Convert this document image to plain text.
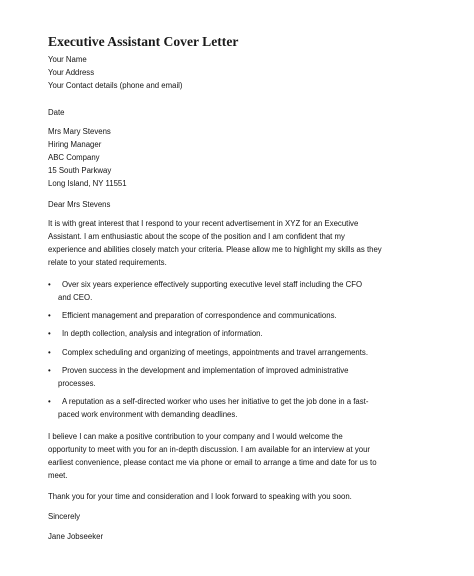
Executive Assistant Cover Letter
Your Name
Your Address
Your Contact details (phone and email)
Date
Mrs Mary Stevens
Hiring Manager
ABC Company
15 South Parkway
Long Island, NY 11551
Dear Mrs Stevens
It is with great interest that I respond to your recent advertisement in XYZ for an Executive
Assistant. I am enthusiastic about the scope of the position and I am confident that my
experience and abilities closely match your criteria. Please allow me to highlight my skills as they
relate to your stated requirements.
• Over six years experience effectively supporting executive level staff including the CFO
and CEO.
• Efficient management and preparation of correspondence and communications.
• In depth collection, analysis and integration of information.
• Complex scheduling and organizing of meetings, appointments and travel arrangements.
• Proven success in the development and implementation of improved administrative
processes.
• A reputation as a self-directed worker who uses her initiative to get the job done in a fast-
paced work environment with demanding deadlines.
I believe I can make a positive contribution to your company and I would welcome the
opportunity to meet with you for an in-depth discussion. I am available for an interview at your
earliest convenience, please contact me via phone or email to arrange a time and date for us to
meet.
Thank you for your time and consideration and I look forward to speaking with you soon.
Sincerely
Jane Jobseeker
